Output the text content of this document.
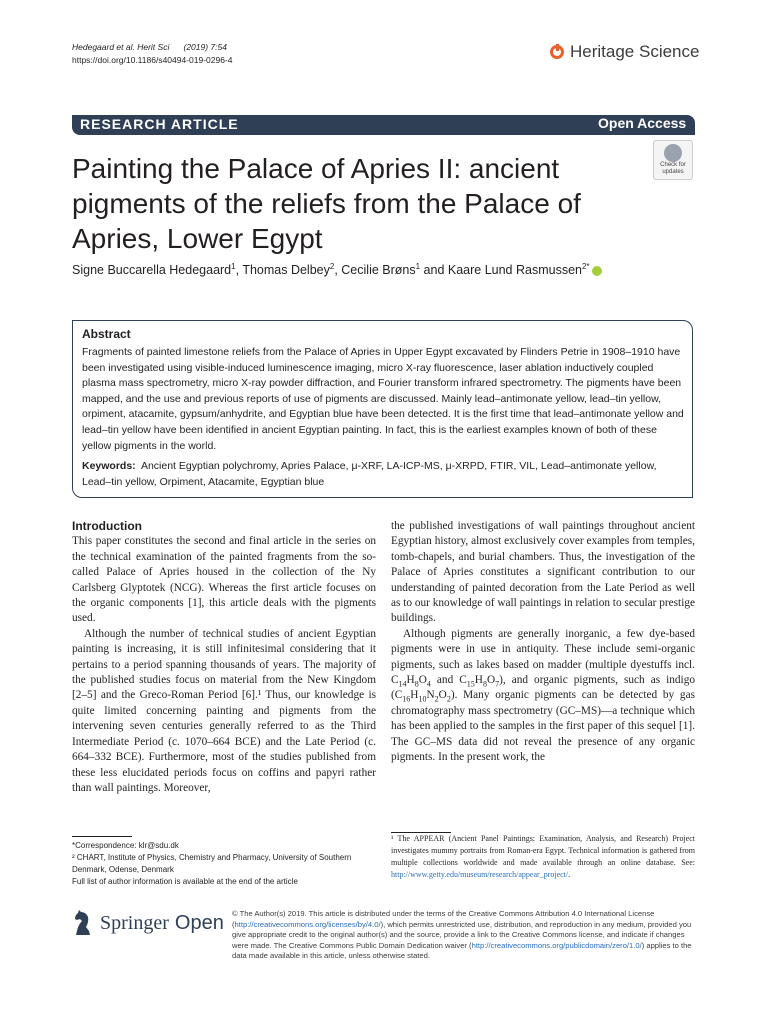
Hedegaard et al. Herit Sci (2019) 7:54
https://doi.org/10.1186/s40494-019-0296-4	Heritage Science
RESEARCH ARTICLE	Open Access
Painting the Palace of Apries II: ancient pigments of the reliefs from the Palace of Apries, Lower Egypt
Check for updates
Signe Buccarella Hedegaard$^1$, Thomas Delbey$^2$, Cecilie Brøns$^1$ and Kaare Lund Rasmussen$^{2*}$
Abstract
Fragments of painted limestone reliefs from the Palace of Apries in Upper Egypt excavated by Flinders Petrie in 1908–1910 have been investigated using visible-induced luminescence imaging, micro X-ray fluorescence, laser ablation inductively coupled plasma mass spectrometry, micro X-ray powder diffraction, and Fourier transform infrared spectrometry. The pigments have been mapped, and the use and previous reports of use of pigments are discussed. Mainly lead–antimonate yellow, lead–tin yellow, orpiment, atacamite, gypsum/anhydrite, and Egyptian blue have been detected. It is the first time that lead–antimonate yellow and lead–tin yellow have been identified in ancient Egyptian painting. In fact, this is the earliest examples known of both of these yellow pigments in the world.
Keywords: Ancient Egyptian polychromy, Apries Palace, μ-XRF, LA-ICP-MS, μ-XRPD, FTIR, VIL, Lead–antimonate yellow, Lead–tin yellow, Orpiment, Atacamite, Egyptian blue
Introduction
This paper constitutes the second and final article in the series on the technical examination of the painted fragments from the so-called Palace of Apries housed in the collection of the Ny Carlsberg Glyptotek (NCG). Whereas the first article focuses on the organic components [1], this article deals with the pigments used.
Although the number of technical studies of ancient Egyptian painting is increasing, it is still infinitesimal considering that it pertains to a period spanning thousands of years. The majority of the published studies focus on material from the New Kingdom [2–5] and the Greco-Roman Period [6].¹ Thus, our knowledge is quite limited concerning painting and pigments from the intervening seven centuries generally referred to as the Third Intermediate Period (c. 1070–664 BCE) and the Late Period (c. 664–332 BCE). Furthermore, most of the studies published from these less elucidated periods focus on coffins and papyri rather than wall paintings. Moreover,
the published investigations of wall paintings throughout ancient Egyptian history, almost exclusively cover examples from temples, tomb-chapels, and burial chambers. Thus, the investigation of the Palace of Apries constitutes a significant contribution to our understanding of painted decoration from the Late Period as well as to our knowledge of wall paintings in relation to secular prestige buildings.
Although pigments are generally inorganic, a few dye-based pigments were in use in antiquity. These include semi-organic pigments, such as lakes based on madder (multiple dyestuffs incl. $C_{14}H_8O_4$ and $C_{15}H_8O_7$), and organic pigments, such as indigo $(C_{16}H_{10}N_2O_2)$. Many organic pigments can be detected by gas chromatography mass spectrometry (GC–MS)—a technique which has been applied to the samples in the first paper of this sequel [1]. The GC–MS data did not reveal the presence of any organic pigments. In the present work, the
*Correspondence: klr@sdu.dk
² CHART, Institute of Physics, Chemistry and Pharmacy, University of Southern Denmark, Odense, Denmark
Full list of author information is available at the end of the article
¹ The APPEAR (Ancient Panel Paintings: Examination, Analysis, and Research) Project investigates mummy portraits from Roman-era Egypt. Technical information is gathered from multiple collections worldwide and made available through an online database. See: http://www.getty.edu/museum/research/appear_project/.
Springer Open © The Author(s) 2019. This article is distributed under the terms of the Creative Commons Attribution 4.0 International License (http://creativecommons.org/licenses/by/4.0/), which permits unrestricted use, distribution, and reproduction in any medium, provided you give appropriate credit to the original author(s) and the source, provide a link to the Creative Commons license, and indicate if changes were made. The Creative Commons Public Domain Dedication waiver (http://creativecommons.org/publicdomain/zero/1.0/) applies to the data made available in this article, unless otherwise stated.
